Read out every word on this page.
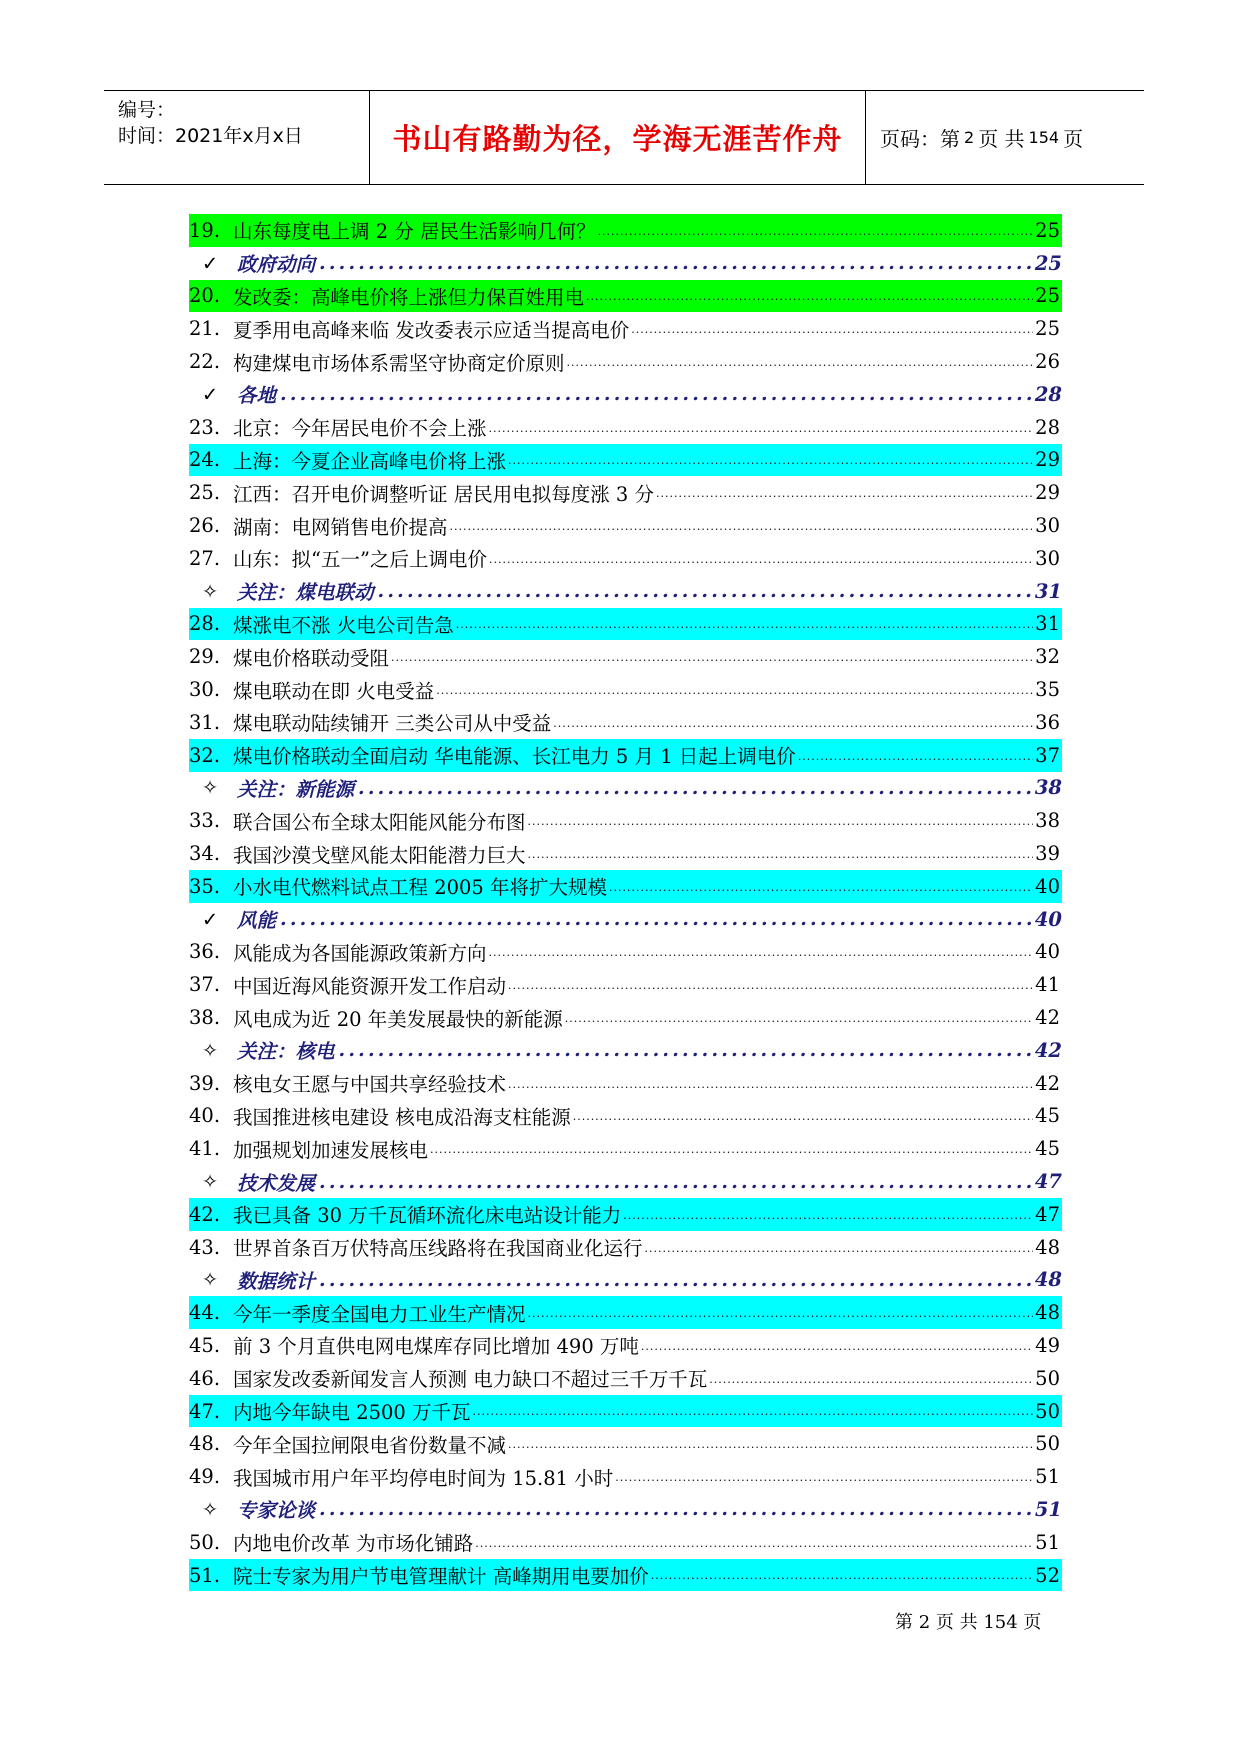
编号：
时间：2021年x月x日	书山有路勤为径，学海无涯苦作舟	页码：第 2 页 共 154 页
19. 山东每度电上调 2 分 居民生活影响几何？ .....	25
✓ 政府动向 .....	25
20. 发改委：高峰电价将上涨但力保百姓用电 .....	25
21. 夏季用电高峰来临 发改委表示应适当提高电价 .....	25
22. 构建煤电市场体系需坚守协商定价原则 .....	26
✓ 各地 .....	28
23. 北京：今年居民电价不会上涨 .....	28
24. 上海：今夏企业高峰电价将上涨 .....	29
25. 江西：召开电价调整听证 居民用电拟每度涨 3 分 .....	29
26. 湖南：电网销售电价提高 .....	30
27. 山东：拟“五一”之后上调电价 .....	30
✧ 关注：煤电联动 .....	31
28. 煤涨电不涨 火电公司告急 .....	31
29. 煤电价格联动受阻 .....	32
30. 煤电联动在即 火电受益 .....	35
31. 煤电联动陆续铺开 三类公司从中受益 .....	36
32. 煤电价格联动全面启动 华电能源、长江电力 5 月 1 日起上调电价 .....	37
✧ 关注：新能源 .....	38
33. 联合国公布全球太阳能风能分布图 .....	38
34. 我国沙漠戈壁风能太阳能潜力巨大 .....	39
35. 小水电代燃料试点工程 2005 年将扩大规模 .....	40
✓ 风能 .....	40
36. 风能成为各国能源政策新方向 .....	40
37. 中国近海风能资源开发工作启动 .....	41
38. 风电成为近 20 年美发展最快的新能源 .....	42
✧ 关注：核电 .....	42
39. 核电女王愿与中国共享经验技术 .....	42
40. 我国推进核电建设 核电成沿海支柱能源 .....	45
41. 加强规划加速发展核电 .....	45
✧ 技术发展 .....	47
42. 我已具备 30 万千瓦循环流化床电站设计能力 .....	47
43. 世界首条百万伏特高压线路将在我国商业化运行 .....	48
✧ 数据统计 .....	48
44. 今年一季度全国电力工业生产情况 .....	48
45. 前 3 个月直供电网电煤库存同比增加 490 万吨 .....	49
46. 国家发改委新闻发言人预测 电力缺口不超过三千万千瓦 .....	50
47. 内地今年缺电 2500 万千瓦 .....	50
48. 今年全国拉闸限电省份数量不减 .....	50
49. 我国城市用户年平均停电时间为 15.81 小时 .....	51
✧ 专家论谈 .....	51
50. 内地电价改革 为市场化铺路 .....	51
51. 院士专家为用户节电管理献计 高峰期用电要加价 .....	52
第 2 页 共 154 页
